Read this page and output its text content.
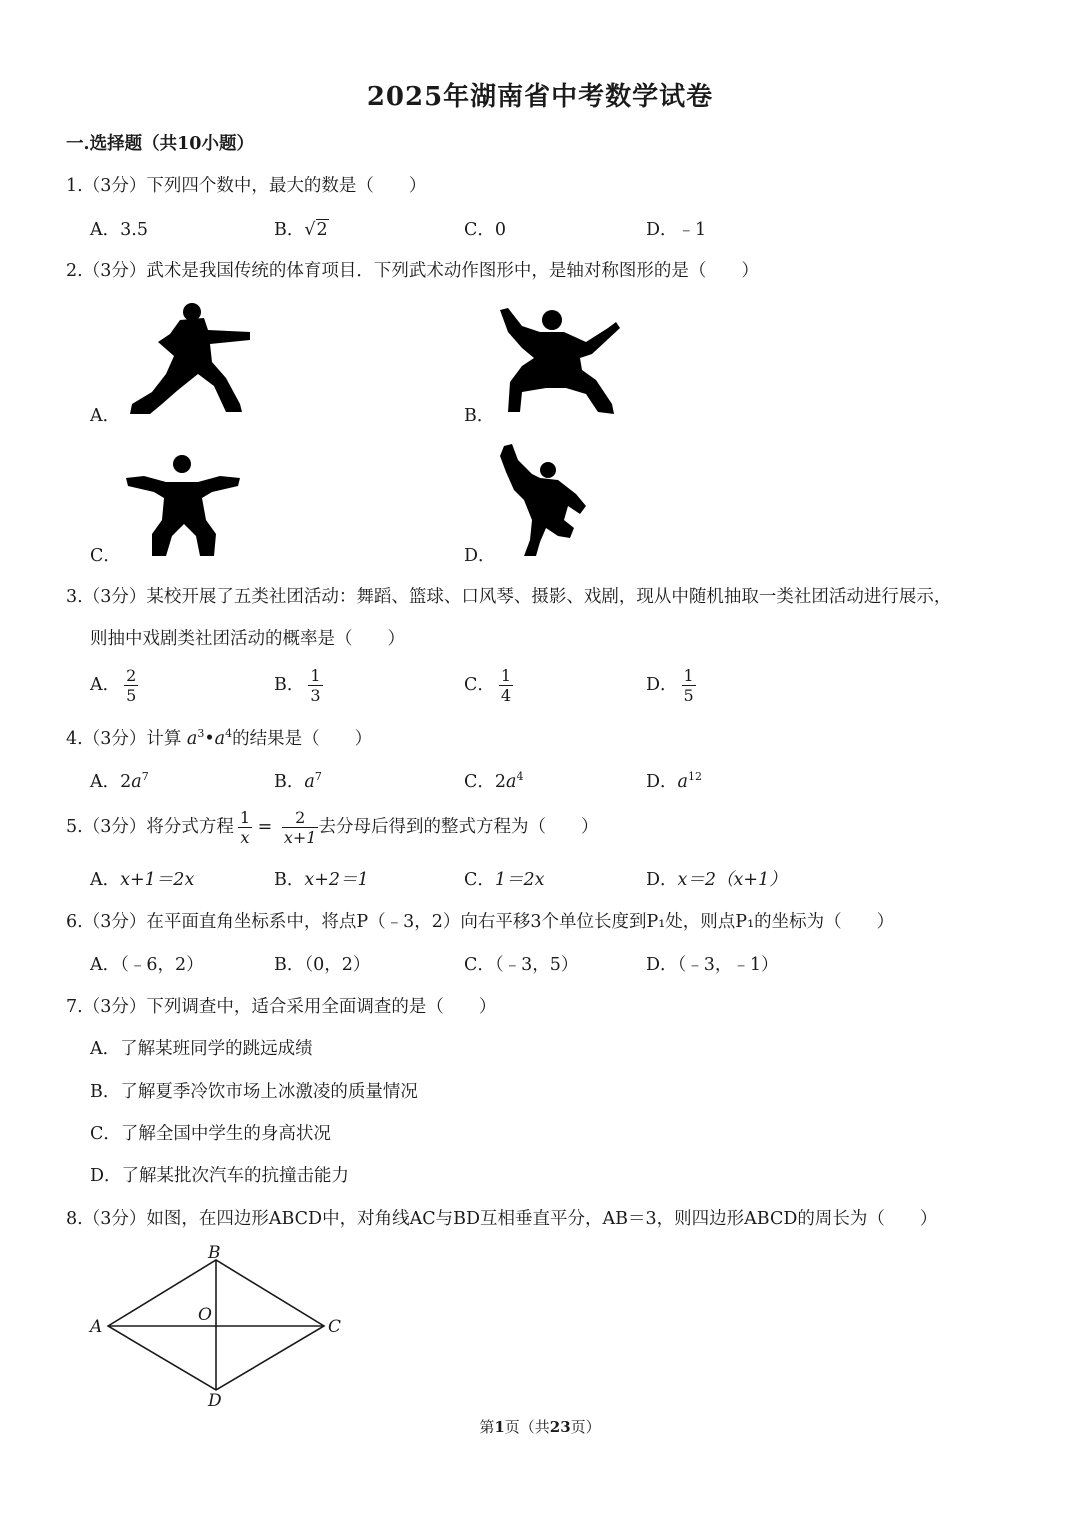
2025年湖南省中考数学试卷
一.选择题（共10小题）
1.（3分）下列四个数中，最大的数是（　　）
A．3.5	B．√2	C．0	D．﹣1
2.（3分）武术是我国传统的体育项目．下列武术动作图形中，是轴对称图形的是（　　）
A．	B．
C．	D．
3.（3分）某校开展了五类社团活动：舞蹈、篮球、口风琴、摄影、戏剧，现从中随机抽取一类社团活动进行展示，
则抽中戏剧类社团活动的概率是（　　）
A． $\frac{2}{5}$	B． $\frac{1}{3}$	C． $\frac{1}{4}$	D． $\frac{1}{5}$
4.（3分）计算 $a^3•a^4$的结果是（　　）
A．$2a^7$	B．$a^7$	C．$2a^4$	D．$a^{12}$
5.（3分）将分式方程 $\frac{1}{x} = \frac{2}{x+1}$ 去分母后得到的整式方程为（　　）
A．x+1＝2x	B．x+2＝1	C．1＝2x	D．x＝2（x+1）
6.（3分）在平面直角坐标系中，将点P（﹣3，2）向右平移3个单位长度到P₁处，则点P₁的坐标为（　　）
A．（﹣6，2）	B．（0，2）	C．（﹣3，5）	D．（﹣3，﹣1）
7.（3分）下列调查中，适合采用全面调查的是（　　）
A．了解某班同学的跳远成绩
B．了解夏季冷饮市场上冰激凌的质量情况
C．了解全国中学生的身高状况
D．了解某批次汽车的抗撞击能力
8.（3分）如图，在四边形ABCD中，对角线AC与BD互相垂直平分，AB＝3，则四边形ABCD的周长为（　　）
A
B
C
D
O
第1页（共23页）
